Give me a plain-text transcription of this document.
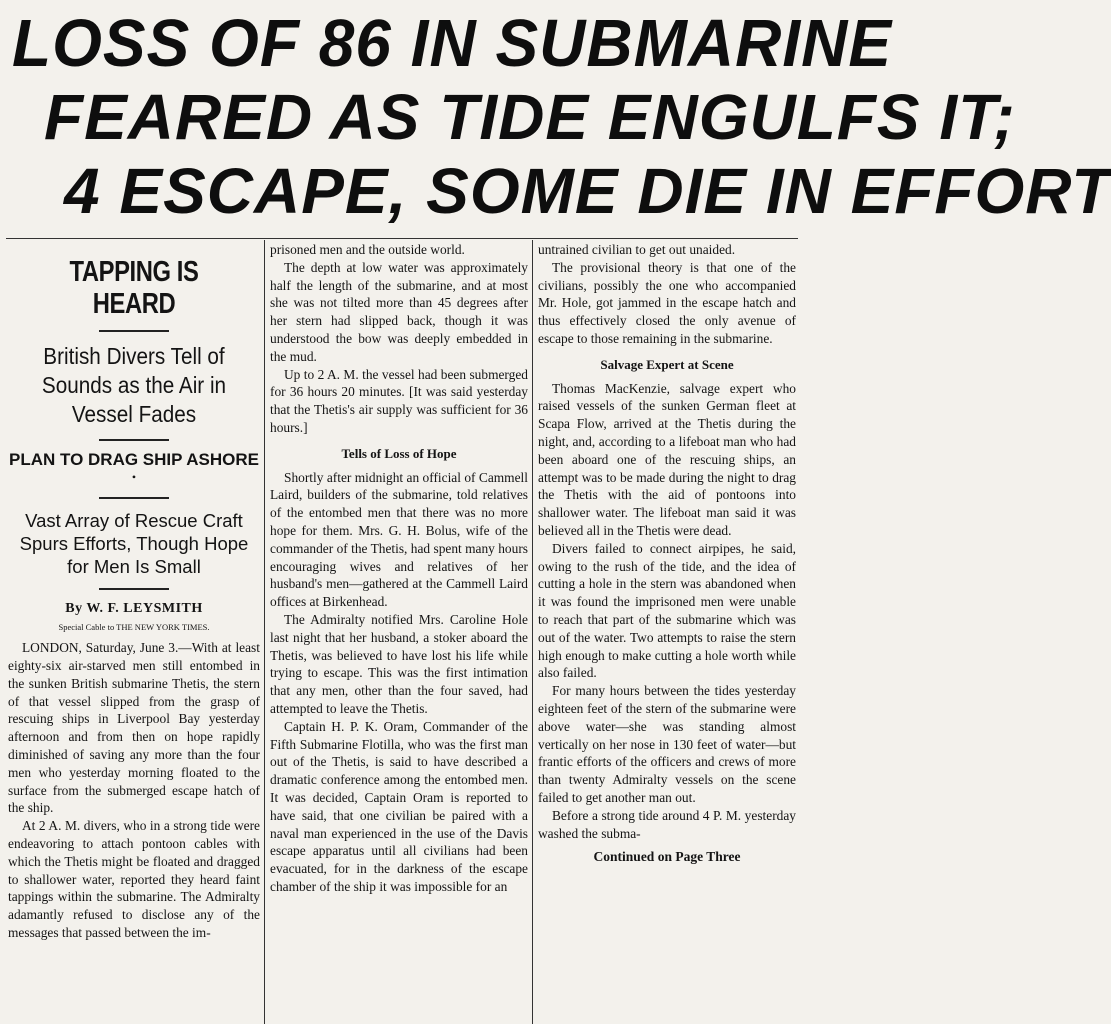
LOSS OF 86 IN SUBMARINE
FEARED AS TIDE ENGULFS IT;
4 ESCAPE, SOME DIE IN EFFORT
TAPPING IS HEARD
British Divers Tell of Sounds as the Air in Vessel Fades
PLAN TO DRAG SHIP ASHORE
•
Vast Array of Rescue Craft Spurs Efforts, Though Hope for Men Is Small
By W. F. LEYSMITH
Special Cable to THE NEW YORK TIMES.

LONDON, Saturday, June 3.—With at least eighty-six air-starved men still entombed in the sunken British submarine Thetis, the stern of that vessel slipped from the grasp of rescuing ships in Liverpool Bay yesterday afternoon and from then on hope rapidly diminished of saving any more than the four men who yesterday morning floated to the surface from the submerged escape hatch of the ship.

At 2 A. M. divers, who in a strong tide were endeavoring to attach pontoon cables with which the Thetis might be floated and dragged to shallower water, reported they heard faint tappings within the submarine. The Admiralty adamantly refused to disclose any of the messages that passed between the im-

prisoned men and the outside world.

The depth at low water was approximately half the length of the submarine, and at most she was not tilted more than 45 degrees after her stern had slipped back, though it was understood the bow was deeply embedded in the mud.

Up to 2 A. M. the vessel had been submerged for 36 hours 20 minutes. [It was said yesterday that the Thetis's air supply was sufficient for 36 hours.]

Tells of Loss of Hope

Shortly after midnight an official of Cammell Laird, builders of the submarine, told relatives of the entombed men that there was no more hope for them. Mrs. G. H. Bolus, wife of the commander of the Thetis, had spent many hours encouraging wives and relatives of her husband's men—gathered at the Cammell Laird offices at Birkenhead.

The Admiralty notified Mrs. Caroline Hole last night that her husband, a stoker aboard the Thetis, was believed to have lost his life while trying to escape. This was the first intimation that any men, other than the four saved, had attempted to leave the Thetis.

Captain H. P. K. Oram, Commander of the Fifth Submarine Flotilla, who was the first man out of the Thetis, is said to have described a dramatic conference among the entombed men. It was decided, Captain Oram is reported to have said, that one civilian be paired with a naval man experienced in the use of the Davis escape apparatus until all civilians had been evacuated, for in the darkness of the escape chamber of the ship it was impossible for an

untrained civilian to get out unaided.

The provisional theory is that one of the civilians, possibly the one who accompanied Mr. Hole, got jammed in the escape hatch and thus effectively closed the only avenue of escape to those remaining in the submarine.

Salvage Expert at Scene

Thomas MacKenzie, salvage expert who raised vessels of the sunken German fleet at Scapa Flow, arrived at the Thetis during the night, and, according to a lifeboat man who had been aboard one of the rescuing ships, an attempt was to be made during the night to drag the Thetis with the aid of pontoons into shallower water. The lifeboat man said it was believed all in the Thetis were dead.

Divers failed to connect airpipes, he said, owing to the rush of the tide, and the idea of cutting a hole in the stern was abandoned when it was found the imprisoned men were unable to reach that part of the submarine which was out of the water. Two attempts to raise the stern high enough to make cutting a hole worth while also failed.

For many hours between the tides yesterday eighteen feet of the stern of the submarine were above water—she was standing almost vertically on her nose in 130 feet of water—but frantic efforts of the officers and crews of more than twenty Admiralty vessels on the scene failed to get another man out.

Before a strong tide around 4 P. M. yesterday washed the subma-

Continued on Page Three
